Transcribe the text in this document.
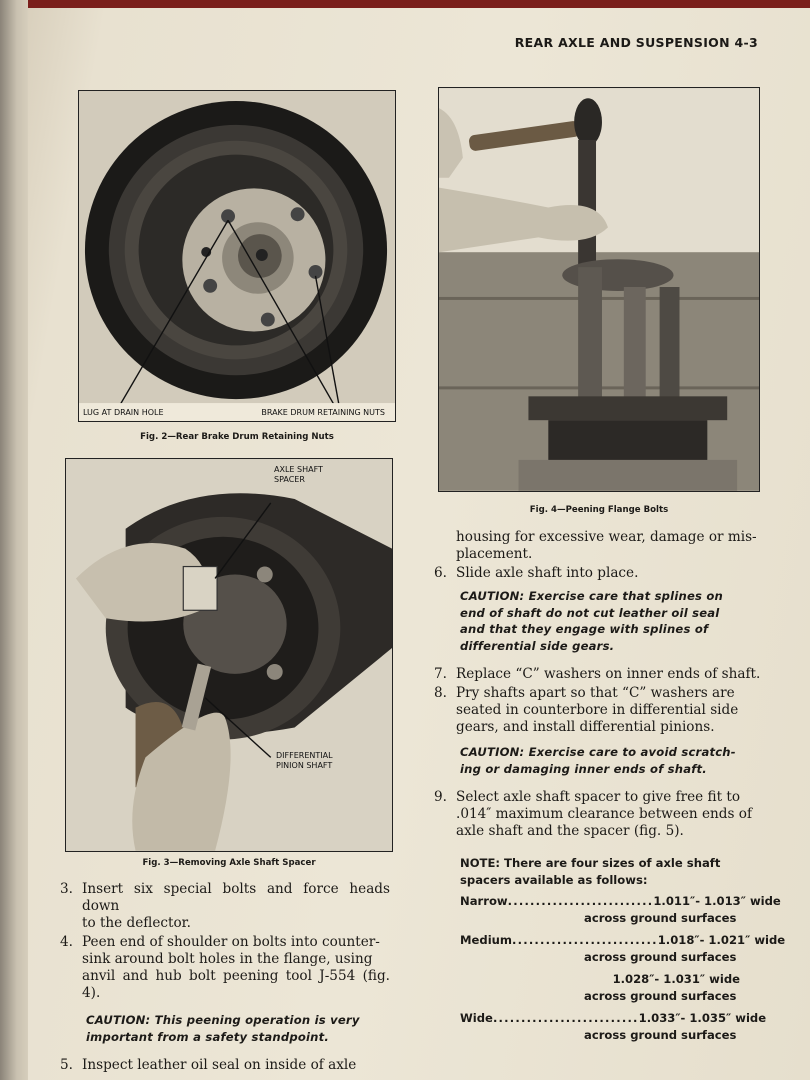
REAR AXLE AND SUSPENSION 4-3
LUG AT DRAIN HOLE	BRAKE DRUM RETAINING NUTS
Fig. 2—Rear Brake Drum Retaining Nuts
Fig. 4—Peening Flange Bolts
AXLE SHAFT
SPACER
DIFFERENTIAL
PINION SHAFT
Fig. 3—Removing Axle Shaft Spacer
3. Insert six special bolts and force heads down
to the deflector.
4. Peen end of shoulder on bolts into counter-
sink around bolt holes in the flange, using
anvil and hub bolt peening tool J-554 (fig. 4).
CAUTION: This peening operation is very
important from a safety standpoint.
5. Inspect leather oil seal on inside of axle
housing for excessive wear, damage or mis-
placement.
6. Slide axle shaft into place.
CAUTION: Exercise care that splines on
end of shaft do not cut leather oil seal
and that they engage with splines of
differential side gears.
7. Replace “C” washers on inner ends of shaft.
8. Pry shafts apart so that “C” washers are
seated in counterbore in differential side
gears, and install differential pinions.
CAUTION: Exercise care to avoid scratch-
ing or damaging inner ends of shaft.
9. Select axle shaft spacer to give free fit to
.014″ maximum clearance between ends of
axle shaft and the spacer (fig. 5).
NOTE: There are four sizes of axle shaft
spacers available as follows:
Narrow .......................... 1.011″- 1.013″ wide
across ground surfaces
Medium .......................... 1.018″- 1.021″ wide
across ground surfaces
1.028″- 1.031″ wide
across ground surfaces
Wide .......................... 1.033″- 1.035″ wide
across ground surfaces
